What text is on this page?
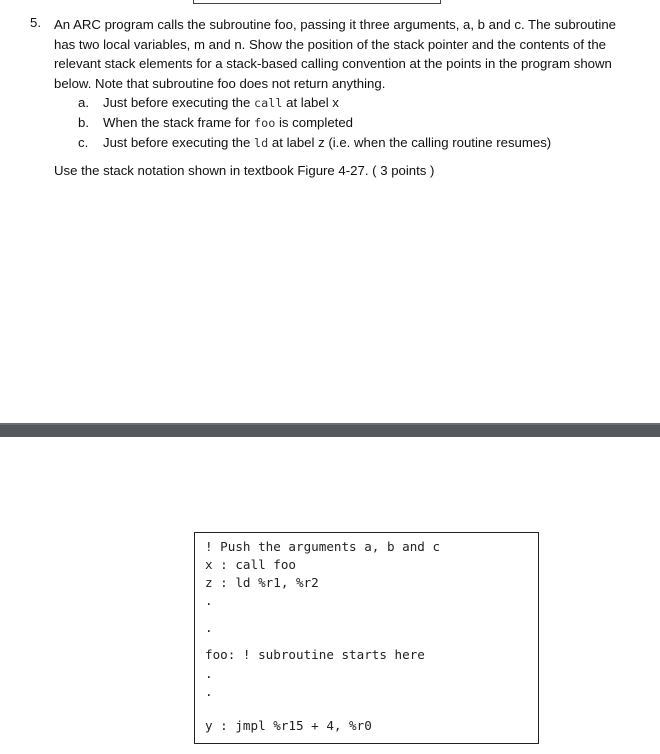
5. An ARC program calls the subroutine foo, passing it three arguments, a, b and c. The subroutine
has two local variables, m and n. Show the position of the stack pointer and the contents of the
relevant stack elements for a stack-based calling convention at the points in the program shown
below. Note that subroutine foo does not return anything.
a. Just before executing the call at label x
b. When the stack frame for foo is completed
c. Just before executing the ld at label z (i.e. when the calling routine resumes)
Use the stack notation shown in textbook Figure 4-27. ( 3 points )
! Push the arguments a, b and c
x : call foo
z : ld %r1, %r2
.
.
foo: ! subroutine starts here
.
.
y : jmpl %r15 + 4, %r0
